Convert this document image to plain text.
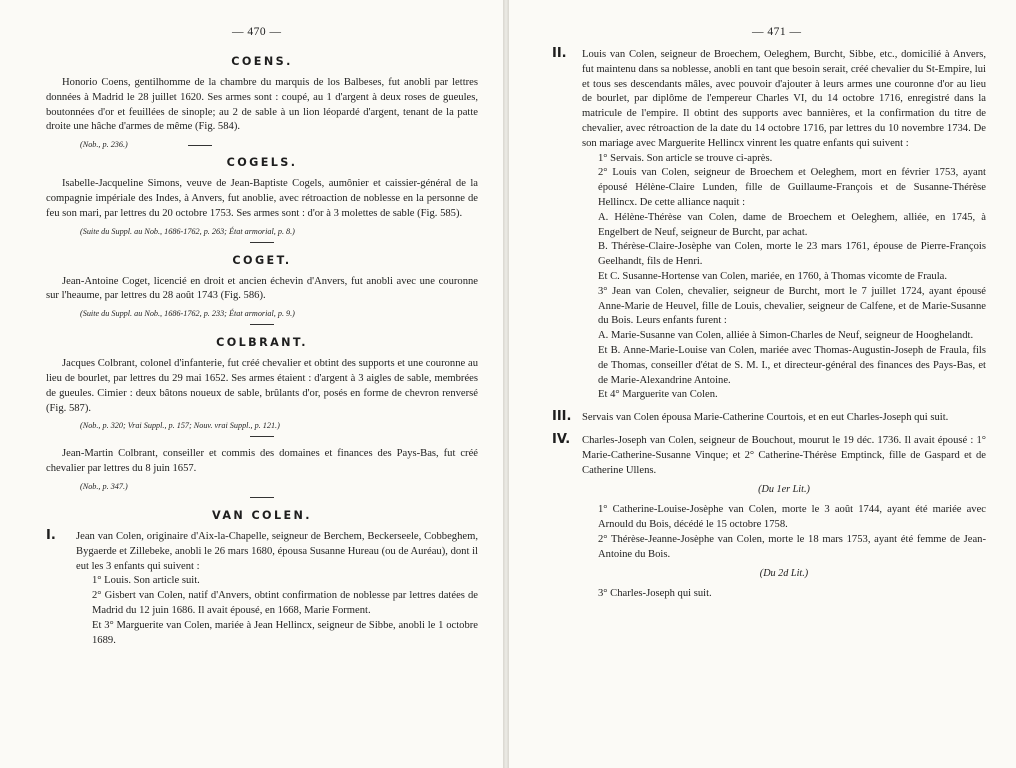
— 470 —
COENS.

Honorio Coens, gentilhomme de la chambre du marquis de los Balbeses, fut anobli par lettres données à Madrid le 28 juillet 1620. Ses armes sont : coupé, au 1 d'argent à deux roses de gueules, boutonnées d'or et feuillées de sinople; au 2 de sable à un lion léopardé d'argent, tenant de la patte droite une hâche d'armes de même (Fig. 584).

(Nob., p. 236.)
COGELS.

Isabelle-Jacqueline Simons, veuve de Jean-Baptiste Cogels, aumônier et caissier-général de la compagnie impériale des Indes, à Anvers, fut anoblie, avec rétroaction de noblesse en la personne de feu son mari, par lettres du 20 octobre 1753. Ses armes sont : d'or à 3 molettes de sable (Fig. 585).

(Suite du Suppl. au Nob., 1686-1762, p. 263; État armorial, p. 8.)
COGET.

Jean-Antoine Coget, licencié en droit et ancien échevin d'Anvers, fut anobli avec une couronne sur l'heaume, par lettres du 28 août 1743 (Fig. 586).

(Suite du Suppl. au Nob., 1686-1762, p. 233; État armorial, p. 9.)
COLBRANT.

Jacques Colbrant, colonel d'infanterie, fut créé chevalier et obtint des supports et une couronne au lieu de bourlet, par lettres du 29 mai 1652. Ses armes étaient : d'argent à 3 aigles de sable, membrées de gueules. Cimier : deux bâtons noueux de sable, brûlants d'or, posés en forme de chevron renversé (Fig. 587).

(Nob., p. 320; Vrai Suppl., p. 157; Nouv. vrai Suppl., p. 121.)

Jean-Martin Colbrant, conseiller et commis des domaines et finances des Pays-Bas, fut créé chevalier par lettres du 8 juin 1657.

(Nob., p. 347.)
VAN COLEN.
I. Jean van Colen, originaire d'Aix-la-Chapelle, seigneur de Berchem, Beckerseele, Cobbeghem, Bygaerde et Zillebeke, anobli le 26 mars 1680, épousa Susanne Hureau (ou de Auréau), dont il eut les 3 enfants qui suivent :

1° Louis. Son article suit.

2° Gisbert van Colen, natif d'Anvers, obtint confirmation de noblesse par lettres datées de Madrid du 12 juin 1686. Il avait épousé, en 1668, Marie Forment.

Et 3° Marguerite van Colen, mariée à Jean Hellincx, seigneur de Sibbe, anobli le 1 octobre 1689.

— 471 —
II. Louis van Colen, seigneur de Broechem, Oeleghem, Burcht, Sibbe, etc., domicilié à Anvers, fut maintenu dans sa noblesse, anobli en tant que besoin serait, créé chevalier du St-Empire, lui et tous ses descendants mâles, avec pouvoir d'ajouter à leurs armes une couronne d'or au lieu de bourlet, par diplôme de l'empereur Charles VI, du 14 octobre 1716, enregistré dans la matricule de l'empire. Il obtint des supports avec bannières, et la confirmation du titre de chevalier, avec rétroaction de la date du 14 octobre 1716, par lettres du 10 novembre 1734. De son mariage avec Marguerite Hellincx vinrent les quatre enfants qui suivent :

1° Servais. Son article se trouve ci-après.

2° Louis van Colen, seigneur de Broechem et Oeleghem, mort en février 1753, ayant épousé Hélène-Claire Lunden, fille de Guillaume-François et de Susanne-Thérèse Hellincx. De cette alliance naquit :

A. Hélène-Thérèse van Colen, dame de Broechem et Oeleghem, alliée, en 1745, à Engelbert de Neuf, seigneur de Burcht, par achat.

B. Thérèse-Claire-Josèphe van Colen, morte le 23 mars 1761, épouse de Pierre-François Geelhandt, fils de Henri.

Et C. Susanne-Hortense van Colen, mariée, en 1760, à Thomas vicomte de Fraula.

3° Jean van Colen, chevalier, seigneur de Burcht, mort le 7 juillet 1724, ayant épousé Anne-Marie de Heuvel, fille de Louis, chevalier, seigneur de Calfene, et de Marie-Susanne du Bois. Leurs enfants furent :

A. Marie-Susanne van Colen, alliée à Simon-Charles de Neuf, seigneur de Hooghelandt.

Et B. Anne-Marie-Louise van Colen, mariée avec Thomas-Augustin-Joseph de Fraula, fils de Thomas, conseiller d'état de S. M. I., et directeur-général des finances des Pays-Bas, et de Marie-Alexandrine Antoine.

Et 4° Marguerite van Colen.

III. Servais van Colen épousa Marie-Catherine Courtois, et en eut Charles-Joseph qui suit.

IV. Charles-Joseph van Colen, seigneur de Bouchout, mourut le 19 déc. 1736. Il avait épousé : 1° Marie-Catherine-Susanne Vinque; et 2° Catherine-Thérèse Emptinck, fille de Gaspard et de Catherine Ullens.

(Du 1er Lit.)

1° Catherine-Louise-Josèphe van Colen, morte le 3 août 1744, ayant été mariée avec Arnould du Bois, décédé le 15 octobre 1758.

2° Thérèse-Jeanne-Josèphe van Colen, morte le 18 mars 1753, ayant été femme de Jean-Antoine du Bois.

(Du 2d Lit.)

3° Charles-Joseph qui suit.
